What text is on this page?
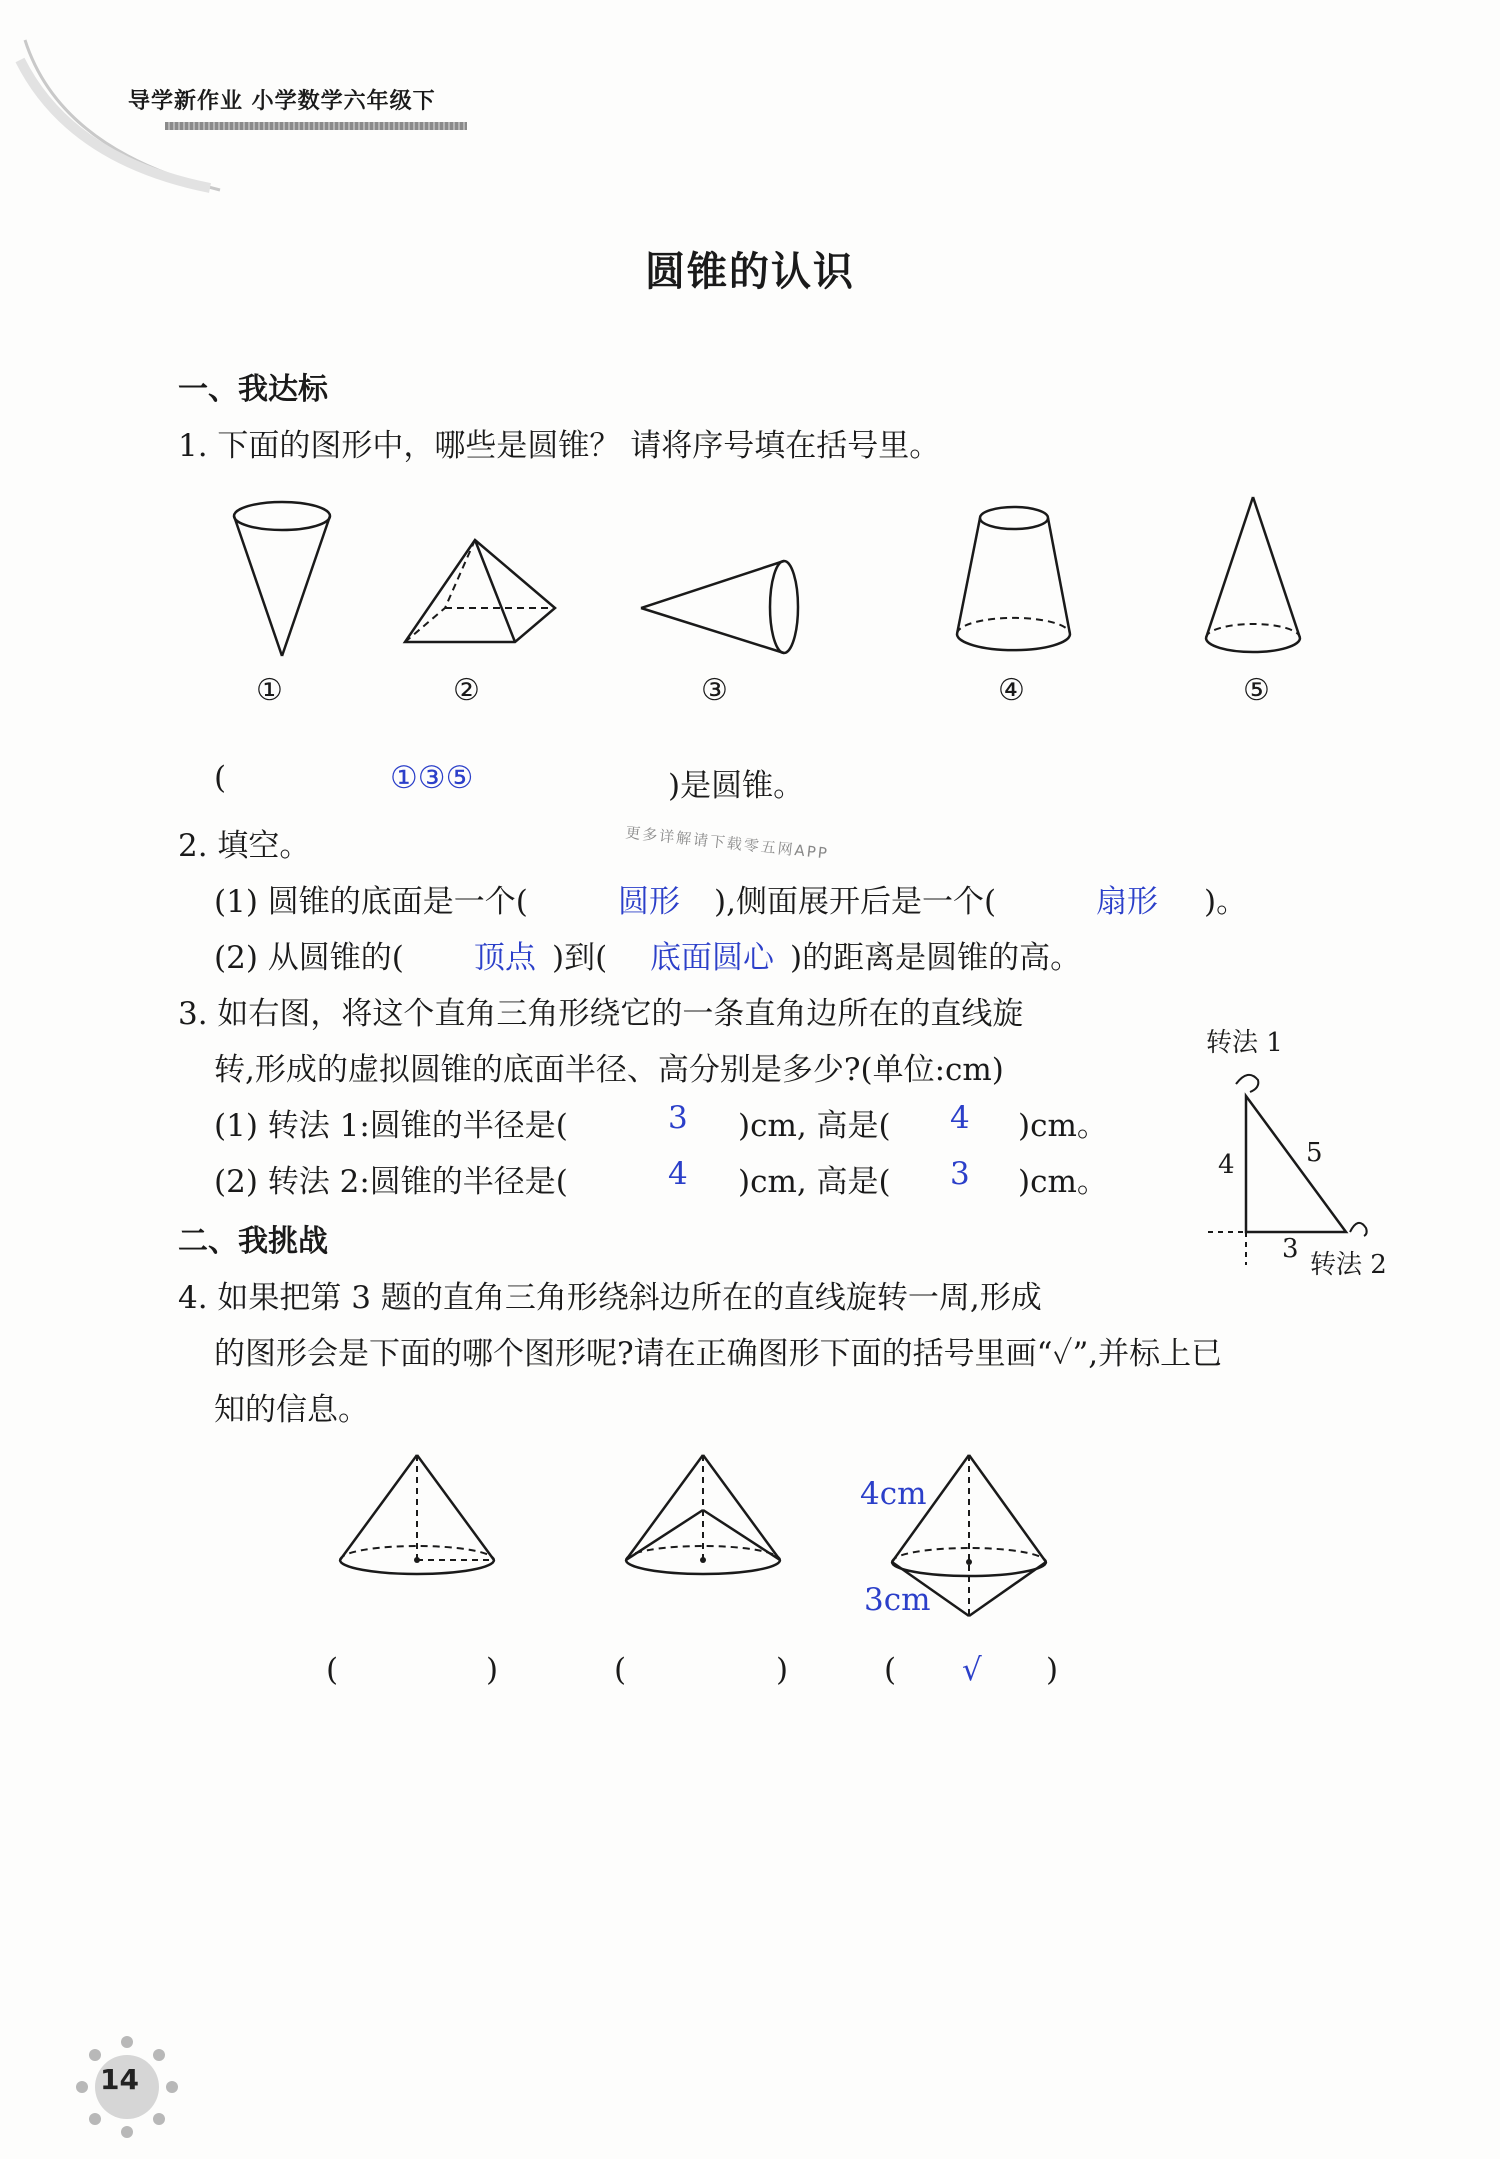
导学新作业 小学数学六年级下
圆锥的认识
一、我达标
1. 下面的图形中，哪些是圆锥？ 请将序号填在括号里。
①	②	③	④	⑤
(	①③⑤	)是圆锥。
2. 填空。	更多详解请下载零五网APP
(1) 圆锥的底面是一个(	圆形 ),侧面展开后是一个(	扇形 )。
(2) 从圆锥的( 顶点 )到( 底面圆心 )的距离是圆锥的高。
3. 如右图，将这个直角三角形绕它的一条直角边所在的直线旋
转,形成的虚拟圆锥的底面半径、高分别是多少?(单位:cm)
(1) 转法 1:圆锥的半径是(	3 )cm, 高是( 4 )cm。
(2) 转法 2:圆锥的半径是(	4 )cm, 高是( 3 )cm。
转法 1
4	5
3
转法 2
二、我挑战
4. 如果把第 3 题的直角三角形绕斜边所在的直线旋转一周,形成
的图形会是下面的哪个图形呢?请在正确图形下面的括号里画“✓”,并标上已
知的信息。
4cm
3cm
(	)	(	)	( √ )
14
